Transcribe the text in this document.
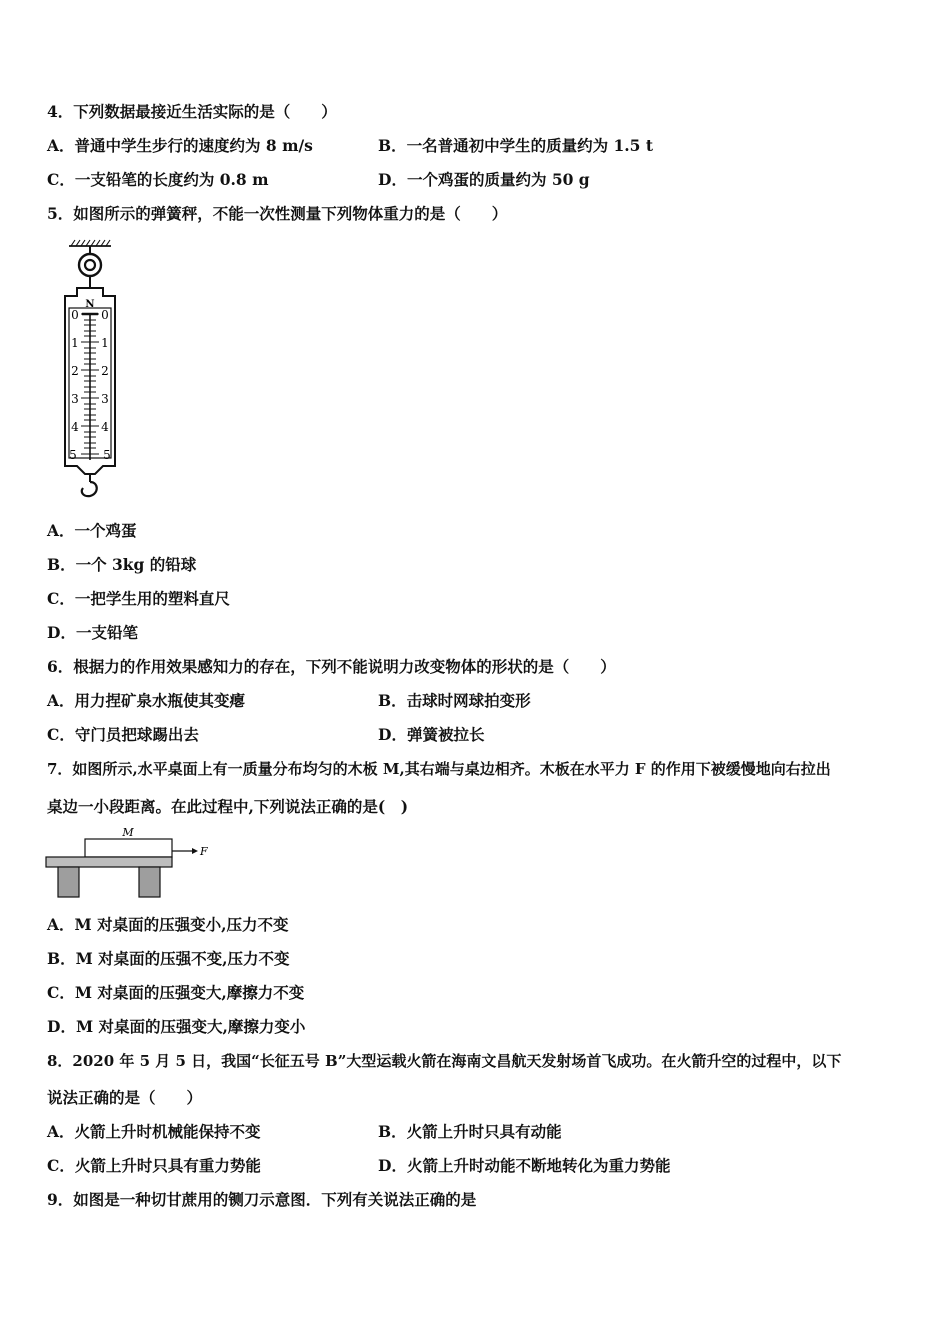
4．下列数据最接近生活实际的是（　　）
A．普通中学生步行的速度约为 8 m/s	B．一名普通初中学生的质量约为 1.5 t
C．一支铅笔的长度约为 0.8 m	D．一个鸡蛋的质量约为 50 g
5．如图所示的弹簧秤，不能一次性测量下列物体重力的是（　　）
N
0
1
2
3
4
5
0
1
2
3
4
5
A．一个鸡蛋
B．一个 3kg 的铅球
C．一把学生用的塑料直尺
D．一支铅笔
6．根据力的作用效果感知力的存在，下列不能说明力改变物体的形状的是（　　）
A．用力捏矿泉水瓶使其变瘪	B．击球时网球拍变形
C．守门员把球踢出去	D．弹簧被拉长
7．如图所示,水平桌面上有一质量分布均匀的木板 M,其右端与桌边相齐。木板在水平力 F 的作用下被缓慢地向右拉出
桌边一小段距离。在此过程中,下列说法正确的是(　)
M
F
A．M 对桌面的压强变小,压力不变
B．M 对桌面的压强不变,压力不变
C．M 对桌面的压强变大,摩擦力不变
D．M 对桌面的压强变大,摩擦力变小
8．2020 年 5 月 5 日，我国“长征五号 B”大型运载火箭在海南文昌航天发射场首飞成功。在火箭升空的过程中，以下
说法正确的是（　　）
A．火箭上升时机械能保持不变	B．火箭上升时只具有动能
C．火箭上升时只具有重力势能	D．火箭上升时动能不断地转化为重力势能
9．如图是一种切甘蔗用的铡刀示意图．下列有关说法正确的是
